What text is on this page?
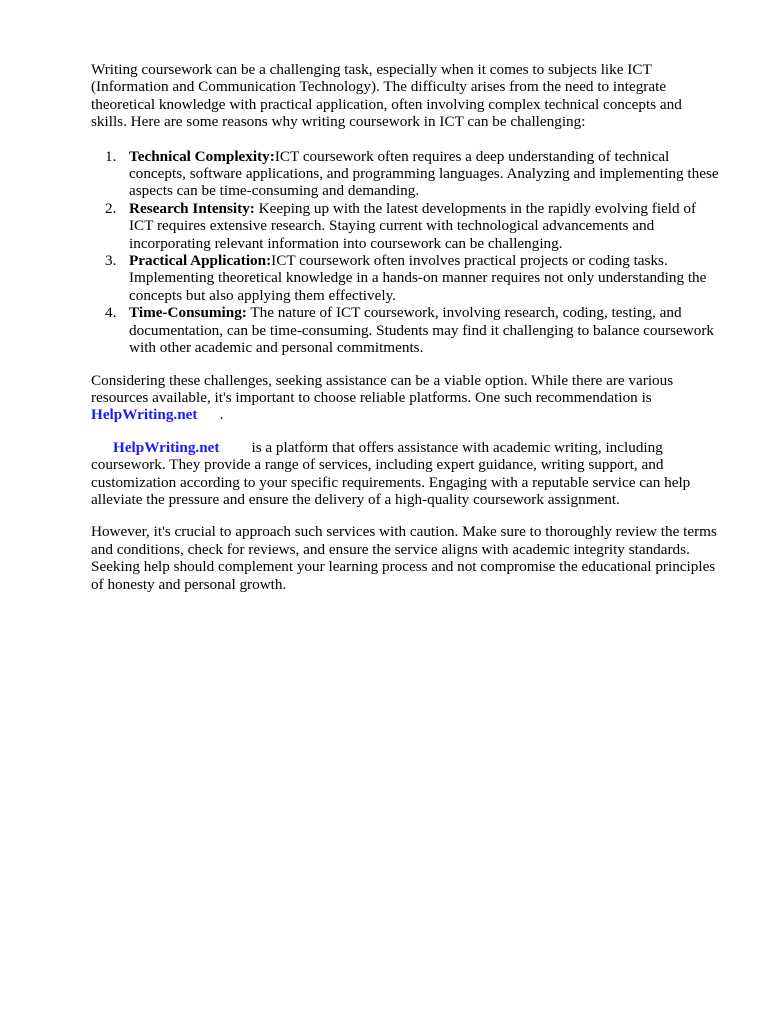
Writing coursework can be a challenging task, especially when it comes to subjects like ICT (Information and Communication Technology). The difficulty arises from the need to integrate theoretical knowledge with practical application, often involving complex technical concepts and skills. Here are some reasons why writing coursework in ICT can be challenging:

1. Technical Complexity:ICT coursework often requires a deep understanding of technical concepts, software applications, and programming languages. Analyzing and implementing these aspects can be time-consuming and demanding.
2. Research Intensity: Keeping up with the latest developments in the rapidly evolving field of ICT requires extensive research. Staying current with technological advancements and incorporating relevant information into coursework can be challenging.
3. Practical Application:ICT coursework often involves practical projects or coding tasks. Implementing theoretical knowledge in a hands-on manner requires not only understanding the concepts but also applying them effectively.
4. Time-Consuming: The nature of ICT coursework, involving research, coding, testing, and documentation, can be time-consuming. Students may find it challenging to balance coursework with other academic and personal commitments.

Considering these challenges, seeking assistance can be a viable option. While there are various resources available, it's important to choose reliable platforms. One such recommendation is
HelpWriting.net .

HelpWriting.net is a platform that offers assistance with academic writing, including coursework. They provide a range of services, including expert guidance, writing support, and customization according to your specific requirements. Engaging with a reputable service can help alleviate the pressure and ensure the delivery of a high-quality coursework assignment.

However, it's crucial to approach such services with caution. Make sure to thoroughly review the terms and conditions, check for reviews, and ensure the service aligns with academic integrity standards. Seeking help should complement your learning process and not compromise the educational principles of honesty and personal growth.
